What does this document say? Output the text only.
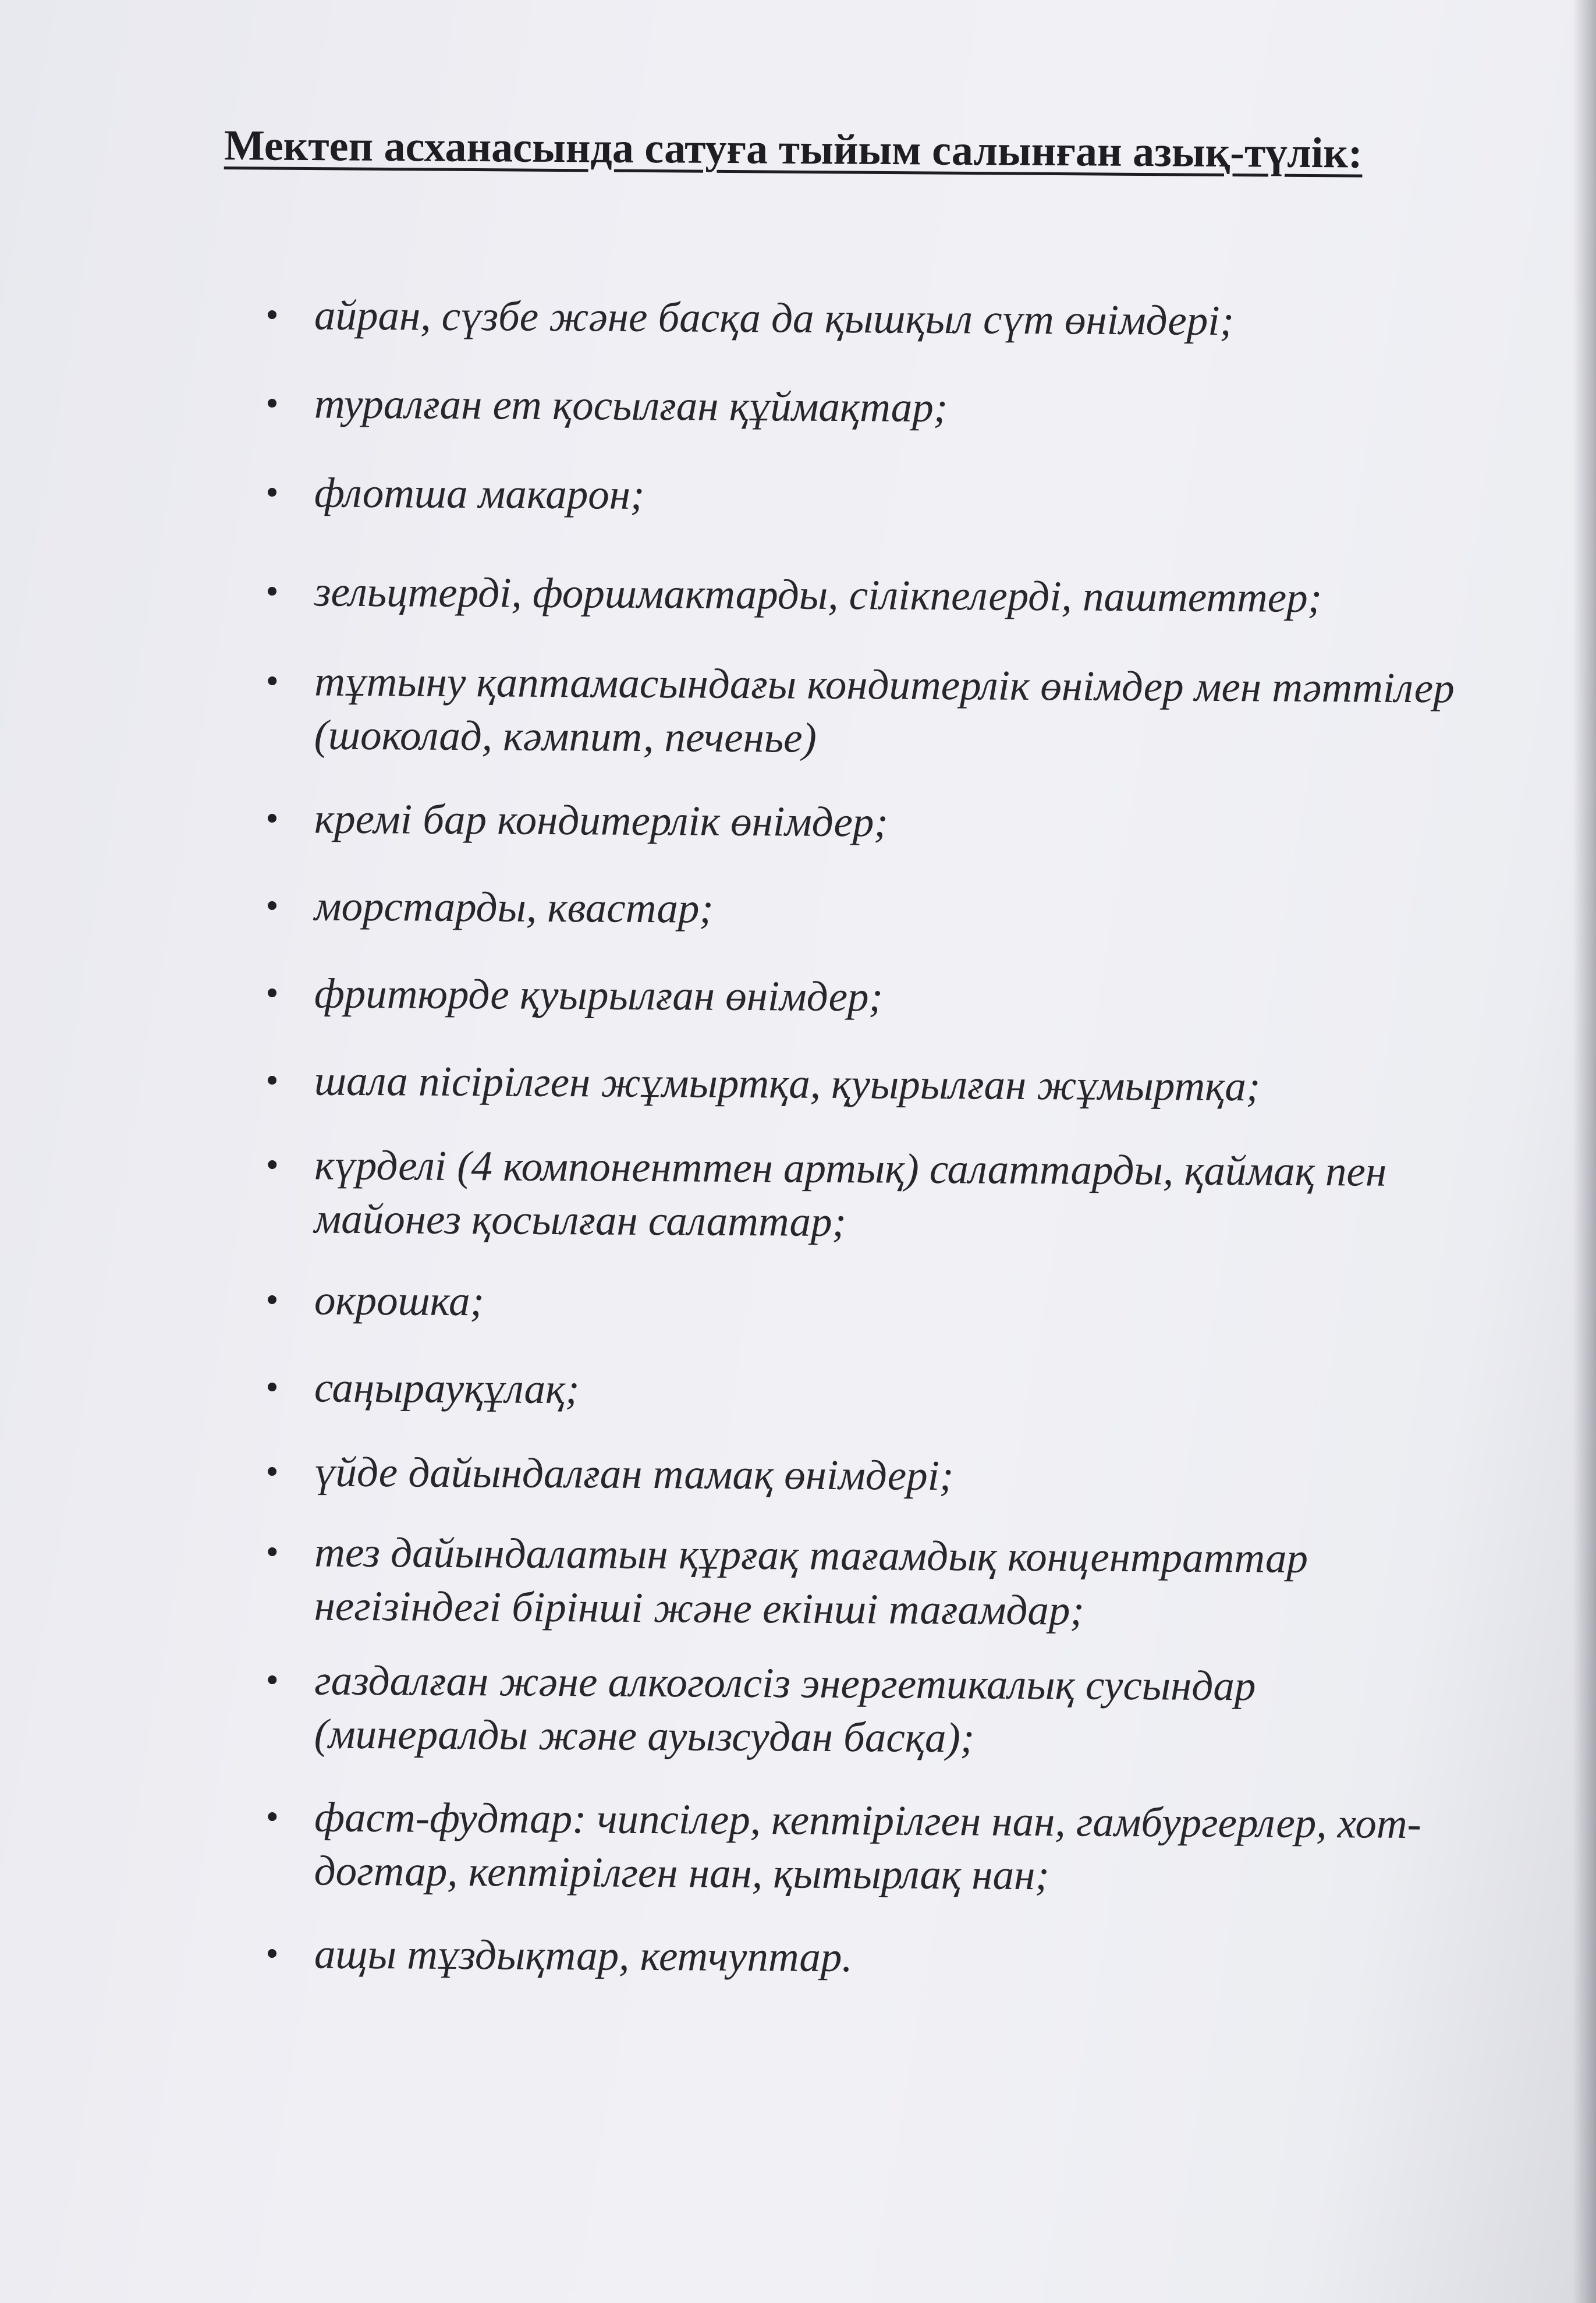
Мектеп асханасында сатуға тыйым салынған азық-түлік:
айран, сүзбе және басқа да қышқыл сүт өнімдері;
туралған ет қосылған құймақтар;
флотша макарон;
зельцтерді, форшмактарды, сілікпелерді, паштеттер;
тұтыну қаптамасындағы кондитерлік өнімдер мен тәттілер (шоколад, кәмпит, печенье)
кремі бар кондитерлік өнімдер;
морстарды, квастар;
фритюрде қуырылған өнімдер;
шала пісірілген жұмыртқа, қуырылған жұмыртқа;
күрделі (4 компоненттен артық) салаттарды, қаймақ пен майонез қосылған салаттар;
окрошка;
саңырауқұлақ;
үйде дайындалған тамақ өнімдері;
тез дайындалатын құрғақ тағамдық концентраттар негізіндегі бірінші және екінші тағамдар;
газдалған және алкоголсіз энергетикалық сусындар (минералды және ауызсудан басқа);
фаст-фудтар: чипсілер, кептірілген нан, гамбургерлер, хот-догтар, кептірілген нан, қытырлақ нан;
ащы тұздықтар, кетчуптар.
